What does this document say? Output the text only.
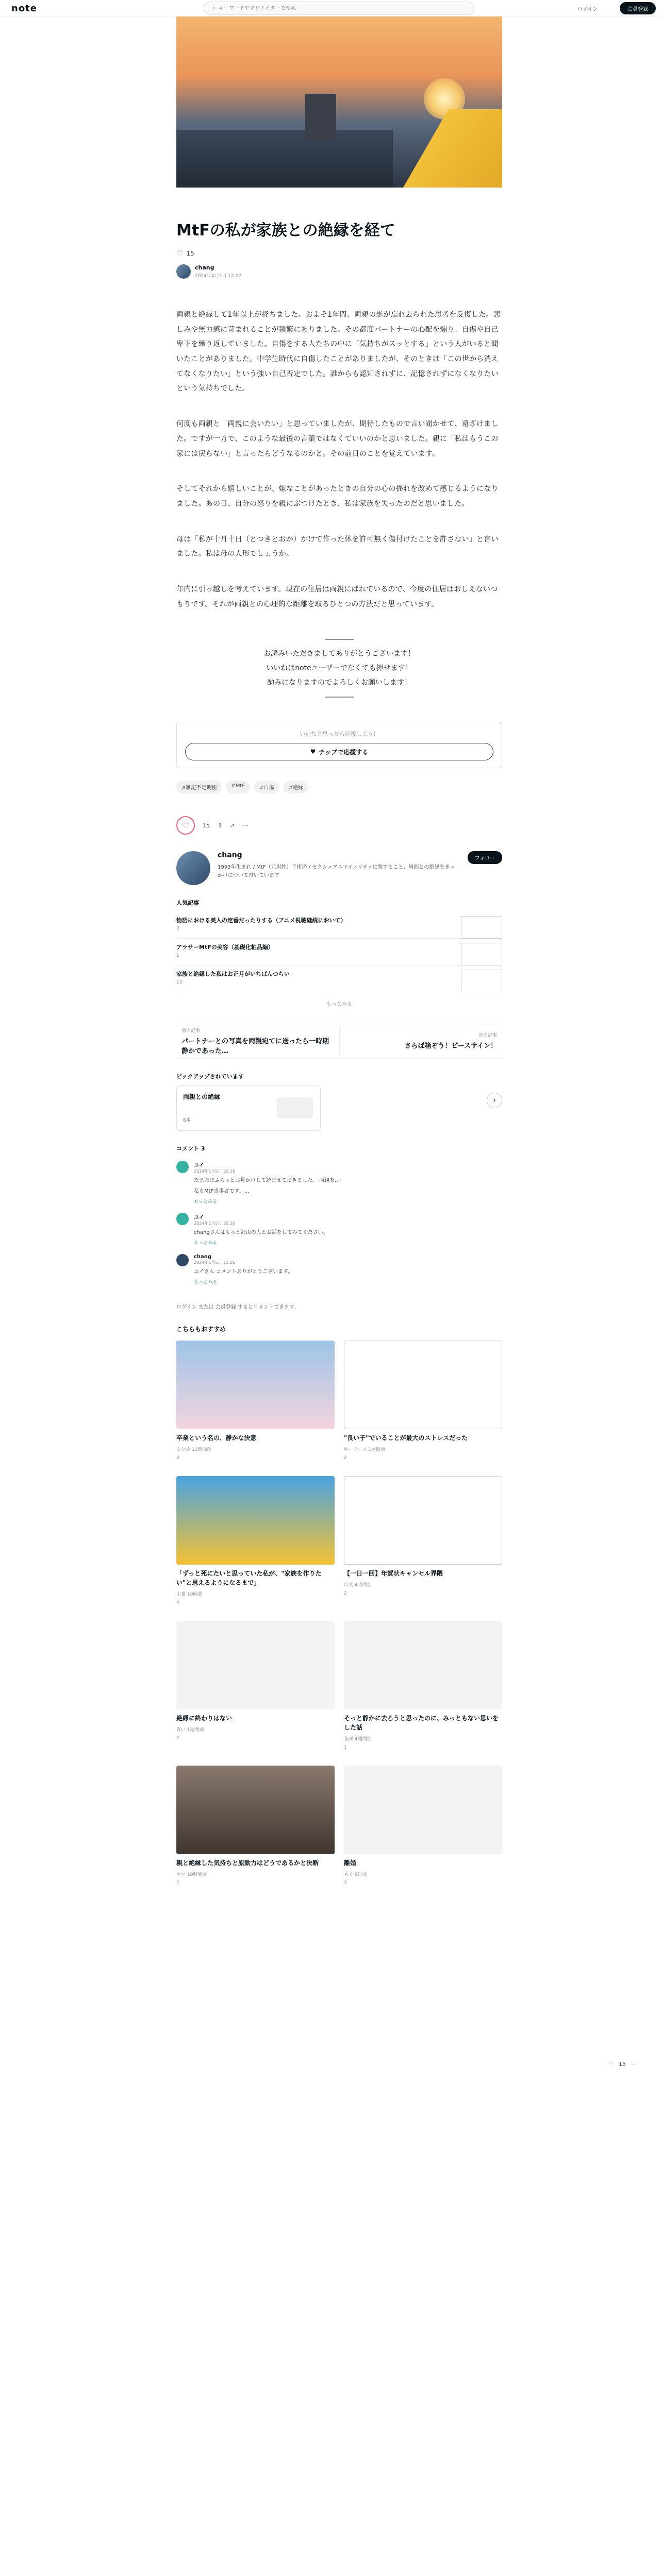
note	⌕
キーワードやクリエイターで検索	ログイン	会員登録
MtFの私が家族との絶縁を経て
♡ 15
chang
2024年4月5日 12:07

両親と絶縁して1年以上が経ちました。およそ1年間、両親の影が忘れ去られた思考を反復した。悲しみや無力感に苛まれることが頻繁にありました。その都度パートナーの心配を煽り、自傷や自己卑下を繰り返していました。自傷をする人たちの中に「気持ちがスッとする」という人がいると聞いたことがありました。中学生時代に自傷したことがありましたが、そのときは「この世から消えてなくなりたい」という強い自己否定でした。誰からも認知されずに、記憶されずになくなりたいという気持ちでした。

何度も両親と「両親に会いたい」と思っていましたが、期待したもので言い聞かせて、遠ざけました。ですが一方で、このような最後の言葉ではなくていいのかと思いました。親に「私はもうこの家には戻らない」と言ったらどうなるのかと。その前日のことを覚えています。

そしてそれから嬉しいことが、嫌なことがあったときの自分の心の揺れを改めて感じるようになりました。あの日、自分の怒りを親にぶつけたとき、私は家族を失ったのだと思いました。

母は「私が十月十日（とつきとおか）かけて作った体を許可無く傷付けたことを許さない」と言いました。私は母の人形でしょうか。

年内に引っ越しを考えています。現在の住居は両親にばれているので、今度の住居はおしえないつもりです。それが両親との心理的な距離を取るひとつの方法だと思っています。

――――
お読みいただきましてありがとうございます！
いいねはnoteユーザーでなくても押せます！
励みになりますのでよろしくお願いします！
――――
いいなと思ったら応援しよう！
♥ チップで応援する
#雑記不定期便	#MtF	#自傷	#絶縁
♡	15 ⇧ ↗ ⋯
chang
1993年生まれ / MtF（元男性）手術済 / セクシュアルマイノリティに関すること、周囲との絶縁をきっかけについて書いています
フォロー
人気記事
物語における美人の定番だったりする（アニメ視聴継続において）
7
アラサーMtFの美容（基礎化粧品編）
1
家族と絶縁した私はお正月がいちばんつらい
13
もっとみる
前の記事
パートナーとの写真を両親宛てに送ったら一時期静かであった…
次の記事
さらば箱ぞう！ピースサイン！
ピックアップされています
両親との絶縁
6本
›
コメント 3
ユイ
2024年1月5日 20:16
たまたまふらっとお見かけして読ませて頂きました。 両親を…
私もMtF当事者です。…
もっとみる
ユイ
2024年1月5日 20:16
changさんはもっと沢山の人とお話をしてみてください。
もっとみる
chang
2024年1月5日 21:06
ユイさん コメントありがとうございます。
もっとみる
ログイン または 会員登録 するとコメントできます。
こちらもおすすめ
卒業という名の、静かな決意
まなめ 13時間前
2
"良い子"でいることが最大のストレスだった
ゆーリース 1週間前
2
「ずっと死にたいと思っていた私が、"家族を作りたい"と思えるようになるまで」
山葉 10時間
4
【一日一回】年賀状キャンセル界隈
時文 4時間前
2
絶縁に終わりはない
青い 1週間前
2
そっと静かに去ろうと思ったのに、みっともない思いをした話
花咲 4週間前
1
親と絶縁した気持ちと原動力はどうであるかと決断
ヤマ 10時間前
7
離婚
もぐ 6日前
3
♡ 15 ⋯
